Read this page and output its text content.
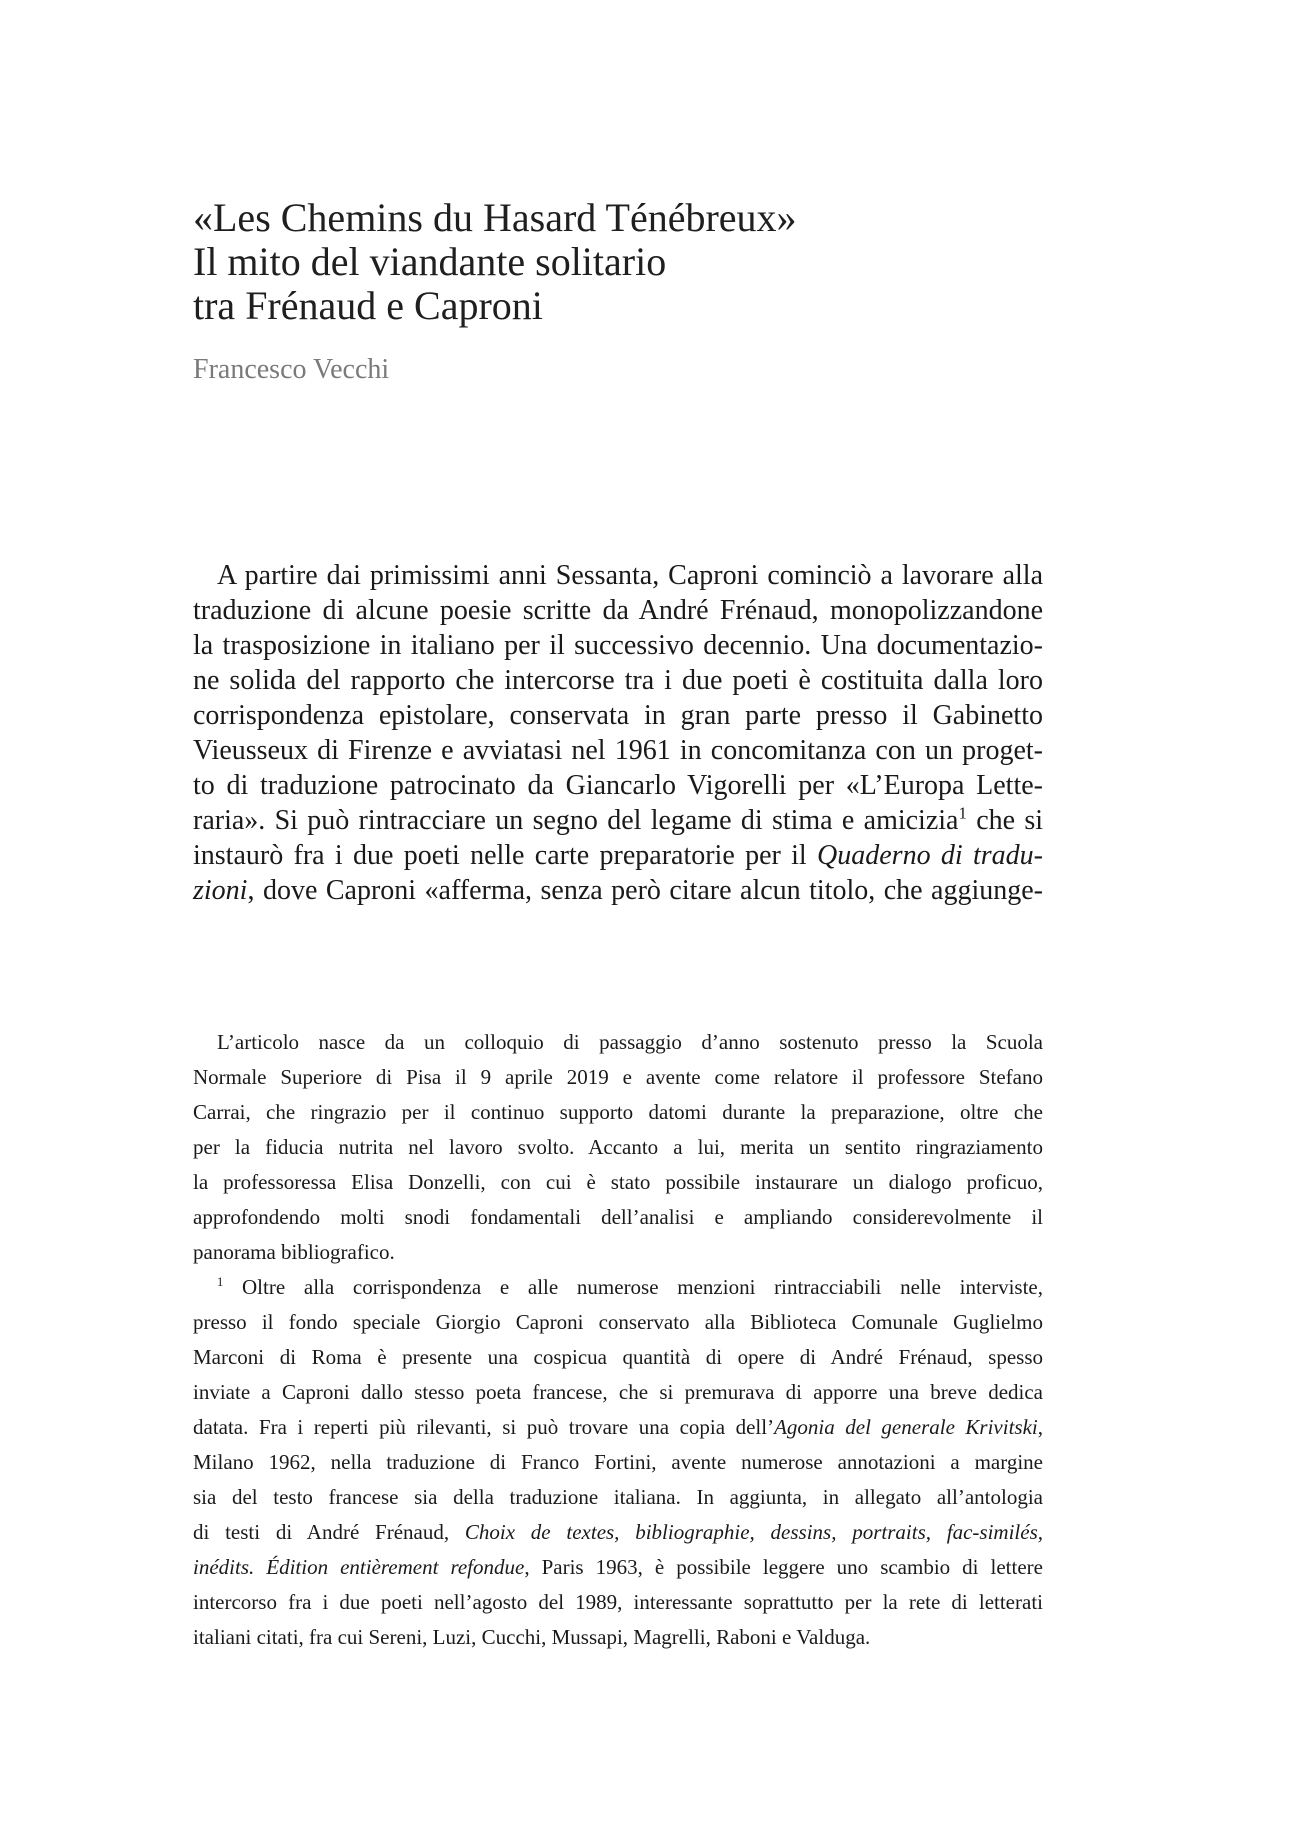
«Les Chemins du Hasard Ténébreux»
Il mito del viandante solitario
tra Frénaud e Caproni
Francesco Vecchi
A partire dai primissimi anni Sessanta, Caproni cominciò a lavorare alla
traduzione di alcune poesie scritte da André Frénaud, monopolizzandone
la trasposizione in italiano per il successivo decennio. Una documentazio-
ne solida del rapporto che intercorse tra i due poeti è costituita dalla loro
corrispondenza epistolare, conservata in gran parte presso il Gabinetto
Vieusseux di Firenze e avviatasi nel 1961 in concomitanza con un proget-
to di traduzione patrocinato da Giancarlo Vigorelli per «L’Europa Lette-
raria». Si può rintracciare un segno del legame di stima e amicizia$^1$ che si
instaurò fra i due poeti nelle carte preparatorie per il Quaderno di tradu-
zioni, dove Caproni «afferma, senza però citare alcun titolo, che aggiunge-
L’articolo nasce da un colloquio di passaggio d’anno sostenuto presso la Scuola
Normale Superiore di Pisa il 9 aprile 2019 e avente come relatore il professore Stefano
Carrai, che ringrazio per il continuo supporto datomi durante la preparazione, oltre che
per la fiducia nutrita nel lavoro svolto. Accanto a lui, merita un sentito ringraziamento
la professoressa Elisa Donzelli, con cui è stato possibile instaurare un dialogo proficuo,
approfondendo molti snodi fondamentali dell’analisi e ampliando considerevolmente il
panorama bibliografico.
$^1$ Oltre alla corrispondenza e alle numerose menzioni rintracciabili nelle interviste,
presso il fondo speciale Giorgio Caproni conservato alla Biblioteca Comunale Guglielmo
Marconi di Roma è presente una cospicua quantità di opere di André Frénaud, spesso
inviate a Caproni dallo stesso poeta francese, che si premurava di apporre una breve dedica
datata. Fra i reperti più rilevanti, si può trovare una copia dell’Agonia del generale Krivitski,
Milano 1962, nella traduzione di Franco Fortini, avente numerose annotazioni a margine
sia del testo francese sia della traduzione italiana. In aggiunta, in allegato all’antologia
di testi di André Frénaud, Choix de textes, bibliographie, dessins, portraits, fac-similés,
inédits. Édition entièrement refondue, Paris 1963, è possibile leggere uno scambio di lettere
intercorso fra i due poeti nell’agosto del 1989, interessante soprattutto per la rete di letterati
italiani citati, fra cui Sereni, Luzi, Cucchi, Mussapi, Magrelli, Raboni e Valduga.
